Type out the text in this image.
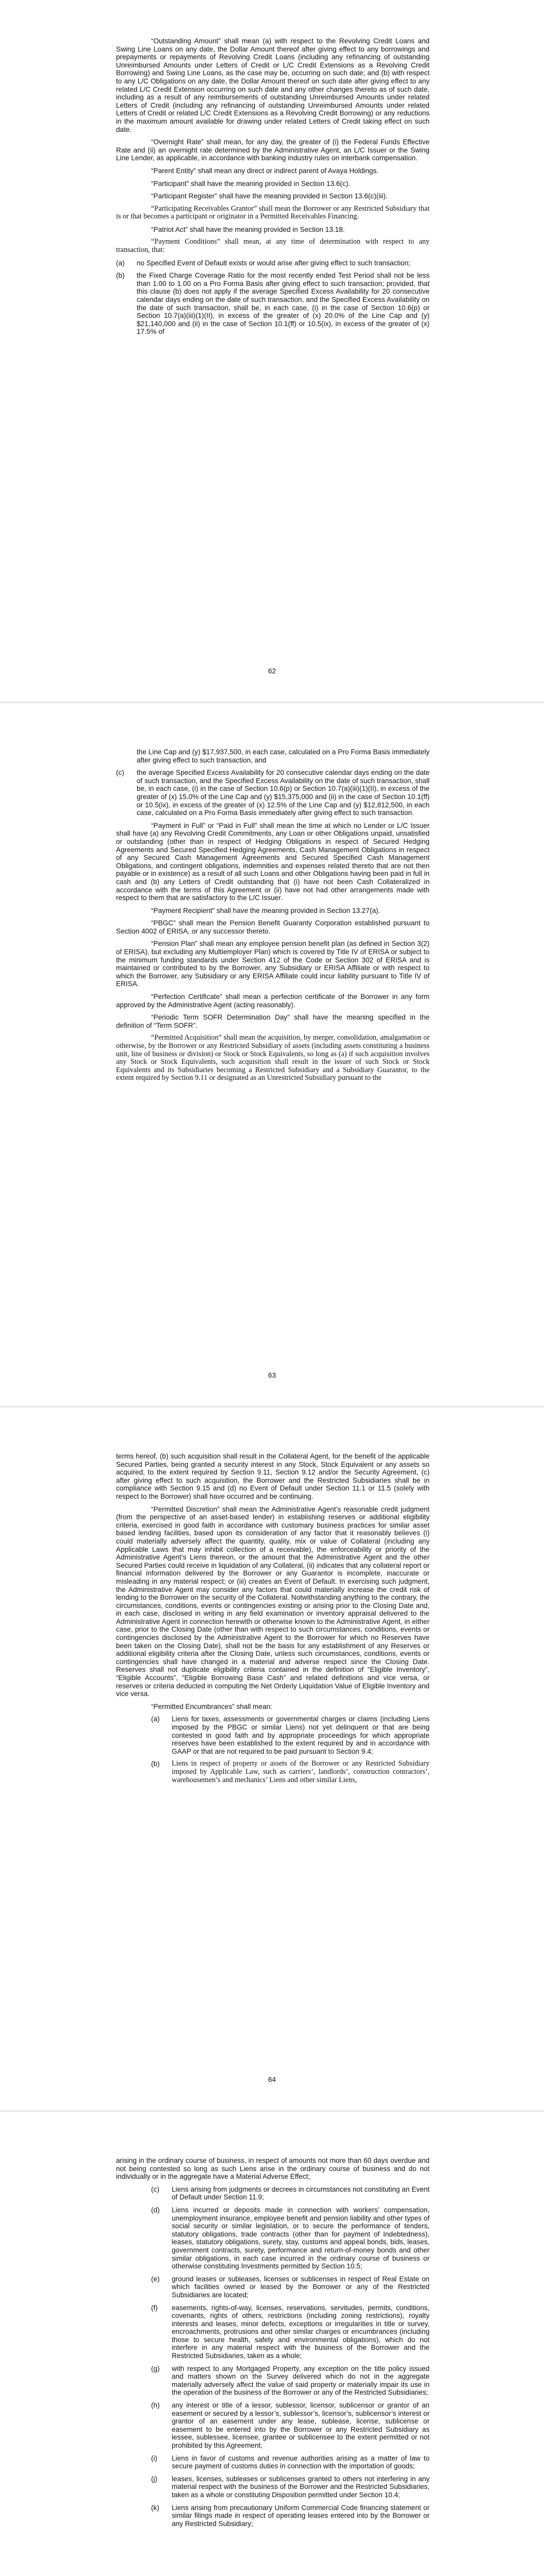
“Outstanding Amount” shall mean (a) with respect to the Revolving Credit Loans and Swing Line Loans on any date, the Dollar Amount thereof after giving effect to any borrowings and prepayments or repayments of Revolving Credit Loans (including any refinancing of outstanding Unreimbursed Amounts under Letters of Credit or L/C Credit Extensions as a Revolving Credit Borrowing) and Swing Line Loans, as the case may be, occurring on such date; and (b) with respect to any L/C Obligations on any date, the Dollar Amount thereof on such date after giving effect to any related L/C Credit Extension occurring on such date and any other changes thereto as of such date, including as a result of any reimbursements of outstanding Unreimbursed Amounts under related Letters of Credit (including any refinancing of outstanding Unreimbursed Amounts under related Letters of Credit or related L/C Credit Extensions as a Revolving Credit Borrowing) or any reductions in the maximum amount available for drawing under related Letters of Credit taking effect on such date.

“Overnight Rate” shall mean, for any day, the greater of (i) the Federal Funds Effective Rate and (ii) an overnight rate determined by the Administrative Agent, an L/C Issuer or the Swing Line Lender, as applicable, in accordance with banking industry rules on interbank compensation.

“Parent Entity” shall mean any direct or indirect parent of Avaya Holdings.

“Participant” shall have the meaning provided in Section 13.6(c).

“Participant Register” shall have the meaning provided in Section 13.6(c)(iii).

“Participating Receivables Grantor” shall mean the Borrower or any Restricted Subsidiary that is or that becomes a participant or originator in a Permitted Receivables Financing.

“Patriot Act” shall have the meaning provided in Section 13.18.

“Payment Conditions” shall mean, at any time of determination with respect to any transaction, that:

(a)	no Specified Event of Default exists or would arise after giving effect to such transaction;
(b)	the Fixed Charge Coverage Ratio for the most recently ended Test Period shall not be less than 1.00 to 1.00 on a Pro Forma Basis after giving effect to such transaction; provided, that this clause (b) does not apply if the average Specified Excess Availability for 20 consecutive calendar days ending on the date of such transaction, and the Specified Excess Availability on the date of such transaction, shall be, in each case, (i) in the case of Section 10.6(p) or Section 10.7(a)(iii)(1)(II), in excess of the greater of (x) 20.0% of the Line Cap and (y) $21,140,000 and (ii) in the case of Section 10.1(ff) or 10.5(ix), in excess of the greater of (x) 17.5% of
62
the Line Cap and (y) $17,937,500, in each case, calculated on a Pro Forma Basis immediately after giving effect to such transaction, and
(c)	the average Specified Excess Availability for 20 consecutive calendar days ending on the date of such transaction, and the Specified Excess Availability on the date of such transaction, shall be, in each case, (i) in the case of Section 10.6(p) or Section 10.7(a)(iii)(1)(II), in excess of the greater of (x) 15.0% of the Line Cap and (y) $15,375,000 and (ii) in the case of Section 10.1(ff) or 10.5(ix), in excess of the greater of (x) 12.5% of the Line Cap and (y) $12,812,500, in each case, calculated on a Pro Forma Basis immediately after giving effect to such transaction.

“Payment in Full” or “Paid in Full” shall mean the time at which no Lender or L/C Issuer shall have (a) any Revolving Credit Commitments, any Loan or other Obligations unpaid, unsatisfied or outstanding (other than in respect of Hedging Obligations in respect of Secured Hedging Agreements and Secured Specified Hedging Agreements, Cash Management Obligations in respect of any Secured Cash Management Agreements and Secured Specified Cash Management Obligations, and contingent obligations, indemnities and expenses related thereto that are not then payable or in existence) as a result of all such Loans and other Obligations having been paid in full in cash and (b) any Letters of Credit outstanding that (i) have not been Cash Collateralized in accordance with the terms of this Agreement or (ii) have not had other arrangements made with respect to them that are satisfactory to the L/C Issuer.

“Payment Recipient” shall have the meaning provided in Section 13.27(a).

“PBGC” shall mean the Pension Benefit Guaranty Corporation established pursuant to Section 4002 of ERISA, or any successor thereto.

“Pension Plan” shall mean any employee pension benefit plan (as defined in Section 3(2) of ERISA), but excluding any Multiemployer Plan) which is covered by Title IV of ERISA or subject to the minimum funding standards under Section 412 of the Code or Section 302 of ERISA and is maintained or contributed to by the Borrower, any Subsidiary or ERISA Affiliate or with respect to which the Borrower, any Subsidiary or any ERISA Affiliate could incur liability pursuant to Title IV of ERISA.

“Perfection Certificate” shall mean a perfection certificate of the Borrower in any form approved by the Administrative Agent (acting reasonably).

“Periodic Term SOFR Determination Day” shall have the meaning specified in the definition of “Term SOFR”.

“Permitted Acquisition” shall mean the acquisition, by merger, consolidation, amalgamation or otherwise, by the Borrower or any Restricted Subsidiary of assets (including assets constituting a business unit, line of business or division) or Stock or Stock Equivalents, so long as (a) if such acquisition involves any Stock or Stock Equivalents, such acquisition shall result in the issuer of such Stock or Stock Equivalents and its Subsidiaries becoming a Restricted Subsidiary and a Subsidiary Guarantor, to the extent required by Section 9.11 or designated as an Unrestricted Subsidiary pursuant to the

63

terms hereof, (b) such acquisition shall result in the Collateral Agent, for the benefit of the applicable Secured Parties, being granted a security interest in any Stock, Stock Equivalent or any assets so acquired, to the extent required by Section 9.11, Section 9.12 and/or the Security Agreement, (c) after giving effect to such acquisition, the Borrower and the Restricted Subsidiaries shall be in compliance with Section 9.15 and (d) no Event of Default under Section 11.1 or 11.5 (solely with respect to the Borrower) shall have occurred and be continuing.

“Permitted Discretion” shall mean the Administrative Agent’s reasonable credit judgment (from the perspective of an asset-based lender) in establishing reserves or additional eligibility criteria, exercised in good faith in accordance with customary business practices for similar asset based lending facilities, based upon its consideration of any factor that it reasonably believes (i) could materially adversely affect the quantity, quality, mix or value of Collateral (including any Applicable Laws that may inhibit collection of a receivable), the enforceability or priority of the Administrative Agent’s Liens thereon, or the amount that the Administrative Agent and the other Secured Parties could receive in liquidation of any Collateral, (ii) indicates that any collateral report or financial information delivered by the Borrower or any Guarantor is incomplete, inaccurate or misleading in any material respect; or (iii) creates an Event of Default. In exercising such judgment, the Administrative Agent may consider any factors that could materially increase the credit risk of lending to the Borrower on the security of the Collateral. Notwithstanding anything to the contrary, the circumstances, conditions, events or contingencies existing or arising prior to the Closing Date and, in each case, disclosed in writing in any field examination or inventory appraisal delivered to the Administrative Agent in connection herewith or otherwise known to the Administrative Agent, in either case, prior to the Closing Date (other than with respect to such circumstances, conditions, events or contingencies disclosed by the Administrative Agent to the Borrower for which no Reserves have been taken on the Closing Date), shall not be the basis for any establishment of any Reserves or additional eligibility criteria after the Closing Date, unless such circumstances, conditions, events or contingencies shall have changed in a material and adverse respect since the Closing Date. Reserves shall not duplicate eligibility criteria contained in the definition of “Eligible Inventory”, “Eligible Accounts”, “Eligible Borrowing Base Cash” and related definitions and vice versa, or reserves or criteria deducted in computing the Net Orderly Liquidation Value of Eligible Inventory and vice versa.

“Permitted Encumbrances” shall mean:

(a)	Liens for taxes, assessments or governmental charges or claims (including Liens imposed by the PBGC or similar Liens) not yet delinquent or that are being contested in good faith and by appropriate proceedings for which appropriate reserves have been established to the extent required by and in accordance with GAAP or that are not required to be paid pursuant to Section 9.4;
(b)	Liens in respect of property or assets of the Borrower or any Restricted Subsidiary imposed by Applicable Law, such as carriers’, landlords’, construction contractors’, warehousemen’s and mechanics’ Liens and other similar Liens,
64

arising in the ordinary course of business, in respect of amounts not more than 60 days overdue and not being contested so long as such Liens arise in the ordinary course of business and do not individually or in the aggregate have a Material Adverse Effect;

(c)	Liens arising from judgments or decrees in circumstances not constituting an Event of Default under Section 11.9;
(d)	Liens incurred or deposits made in connection with workers’ compensation, unemployment insurance, employee benefit and pension liability and other types of social security or similar legislation, or to secure the performance of tenders, statutory obligations, trade contracts (other than for payment of Indebtedness), leases, statutory obligations, surety, stay, customs and appeal bonds, bids, leases, government contracts, surety, performance and return-of-money bonds and other similar obligations, in each case incurred in the ordinary course of business or otherwise constituting Investments permitted by Section 10.5;
(e)	ground leases or subleases, licenses or sublicenses in respect of Real Estate on which facilities owned or leased by the Borrower or any of the Restricted Subsidiaries are located;
(f)	easements, rights-of-way, licenses, reservations, servitudes, permits, conditions, covenants, rights of others, restrictions (including zoning restrictions), royalty interests and leases, minor defects, exceptions or irregularities in title or survey, encroachments, protrusions and other similar charges or encumbrances (including those to secure health, safety and environmental obligations), which do not interfere in any material respect with the business of the Borrower and the Restricted Subsidiaries, taken as a whole;
(g)	with respect to any Mortgaged Property, any exception on the title policy issued and matters shown on the Survey delivered which do not in the aggregate materially adversely affect the value of said property or materially impair its use in the operation of the business of the Borrower or any of the Restricted Subsidiaries;
(h)	any interest or title of a lessor, sublessor, licensor, sublicensor or grantor of an easement or secured by a lessor’s, sublessor’s, licensor’s, sublicensor’s interest or grantor of an easement under any lease, sublease, license, sublicense or easement to be entered into by the Borrower or any Restricted Subsidiary as lessee, sublessee, licensee, grantee or sublicensee to the extent permitted or not prohibited by this Agreement;
(i)	Liens in favor of customs and revenue authorities arising as a matter of law to secure payment of customs duties in connection with the importation of goods;
(j)	leases, licenses, subleases or sublicenses granted to others not interfering in any material respect with the business of the Borrower and the Restricted Subsidiaries, taken as a whole or constituting Disposition permitted under Section 10.4;
(k)	Liens arising from precautionary Uniform Commercial Code financing statement or similar filings made in respect of operating leases entered into by the Borrower or any Restricted Subsidiary;
